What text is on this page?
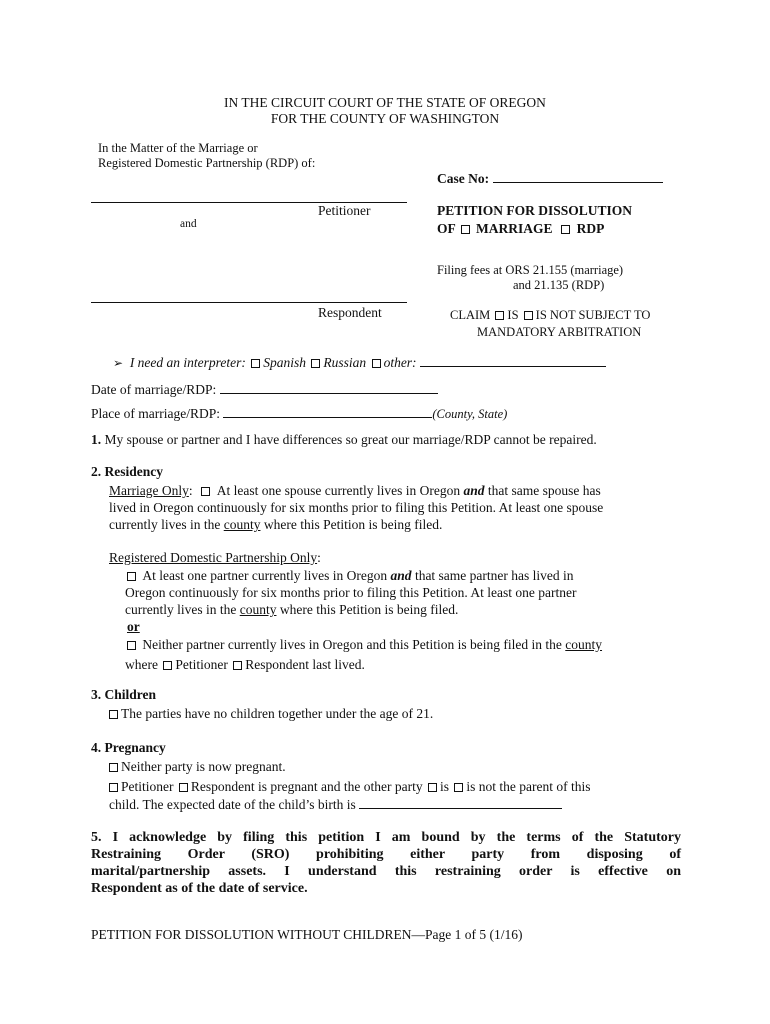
IN THE CIRCUIT COURT OF THE STATE OF OREGON
FOR THE COUNTY OF WASHINGTON
In the Matter of the Marriage or
Registered Domestic Partnership (RDP) of:
Petitioner
and
Respondent
Case No:
PETITION FOR DISSOLUTION
OF MARRIAGE RDP
Filing fees at ORS 21.155 (marriage)
and 21.135 (RDP)
CLAIM IS IS NOT SUBJECT TO
MANDATORY ARBITRATION
➢ I need an interpreter: Spanish Russian other:
Date of marriage/RDP:
Place of marriage/RDP:	(County, State)
1. My spouse or partner and I have differences so great our marriage/RDP cannot be repaired.
2. Residency
Marriage Only:   At least one spouse currently lives in Oregon and that same spouse has
lived in Oregon continuously for six months prior to filing this Petition. At least one spouse
currently lives in the county where this Petition is being filed.
Registered Domestic Partnership Only:
At least one partner currently lives in Oregon and that same partner has lived in
Oregon continuously for six months prior to filing this Petition. At least one partner
currently lives in the county where this Petition is being filed.
or
Neither partner currently lives in Oregon and this Petition is being filed in the county
where Petitioner Respondent last lived.
3. Children
The parties have no children together under the age of 21.
4. Pregnancy
Neither party is now pregnant.
Petitioner Respondent is pregnant and the other party is is not the parent of this
child. The expected date of the child’s birth is
5. I acknowledge by filing this petition I am bound by the terms of the Statutory
Restraining Order (SRO) prohibiting either party from disposing of
marital/partnership assets. I understand this restraining order is effective on
Respondent as of the date of service.
PETITION FOR DISSOLUTION WITHOUT CHILDREN—Page 1 of 5 (1/16)
